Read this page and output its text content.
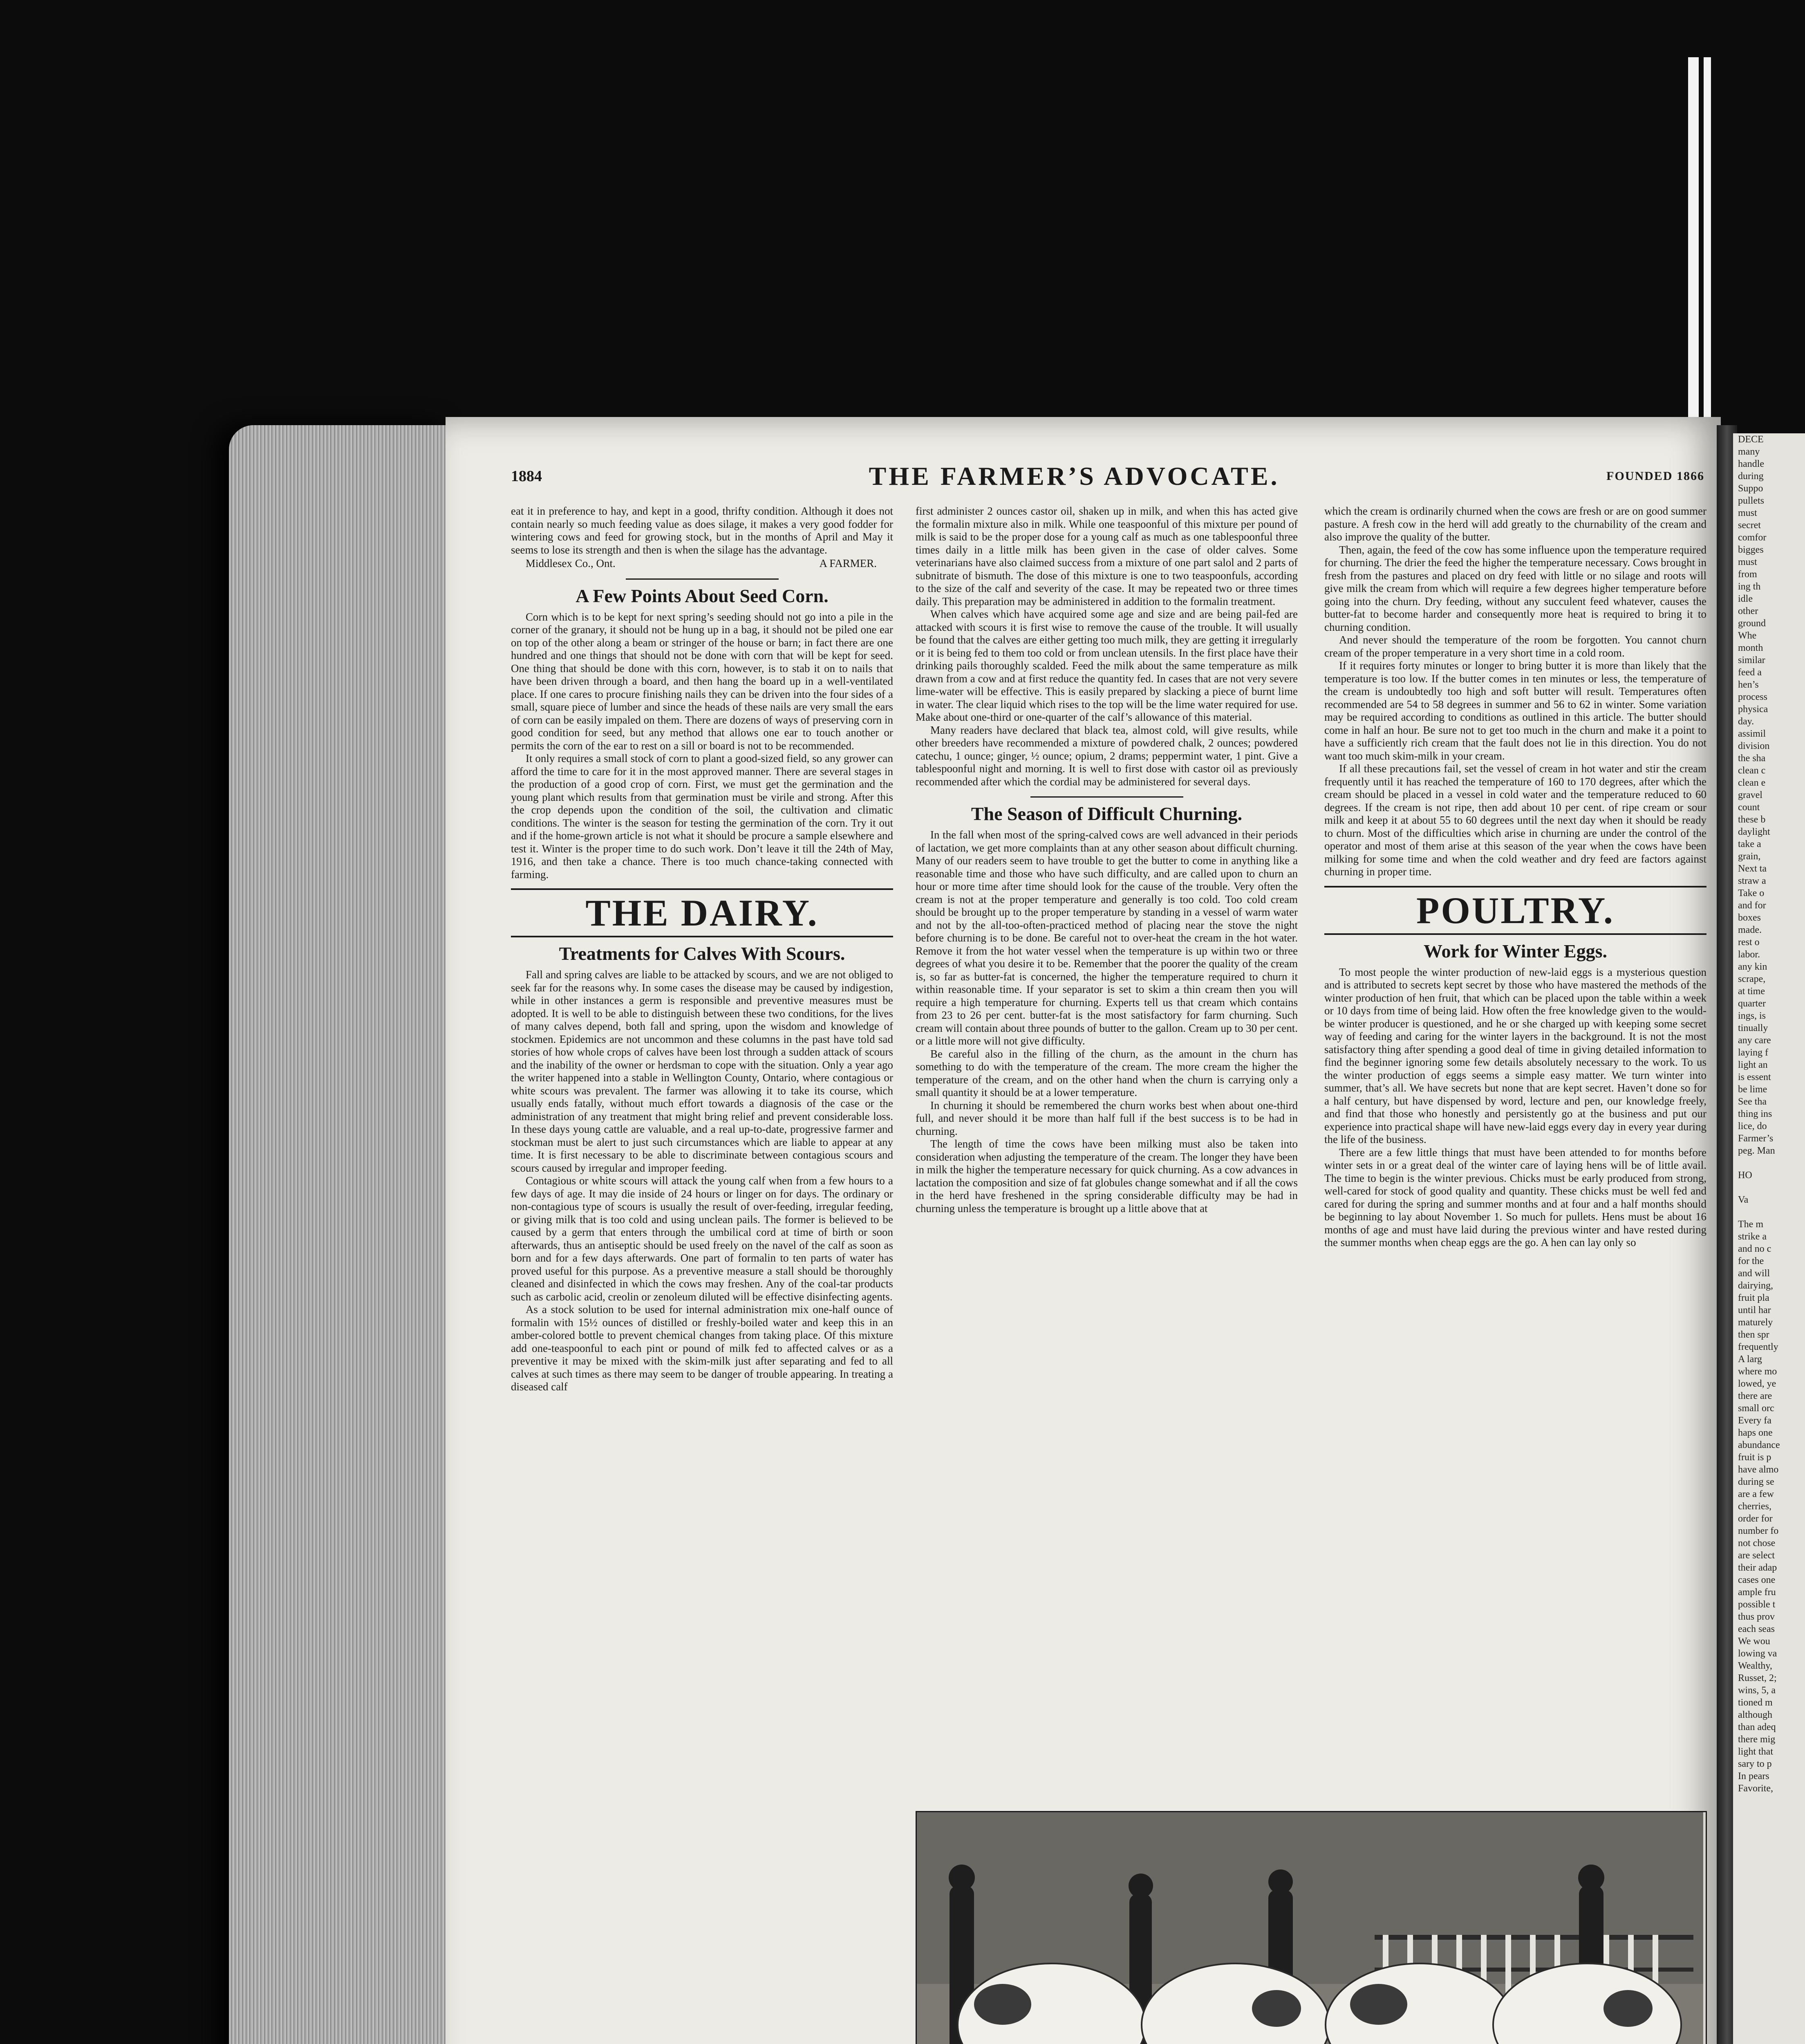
DECE
many
handle
during
Suppo
pullets
must
secret
comfor
bigges
must
from
ing th
idle
other
ground
Whe
month
similar
feed a
hen’s
process
physica
day.
assimil
division
the sha
clean c
clean e
gravel
count
these b
daylight
take a
grain,
Next ta
straw a
Take o
and for
boxes
made.
rest o
labor.
any kin
scrape,
at time
quarter
ings, is
tinually
any care
laying f
light an
is essent
be lime
See tha
thing ins
lice, do
Farmer’s
peg. Man

HO

Va

The m
strike a
and no c
for the
and will
dairying,
fruit pla
until har
maturely
then spr
frequently
A larg
where mo
lowed, ye
there are
small orc
Every fa
haps one
abundance
fruit is p
have almo
during se
are a few
cherries,
order for
number fo
not chose
are select
their adap
cases one
ample fru
possible t
thus prov
each seas
We wou
lowing va
Wealthy,
Russet, 2;
wins, 5, a
tioned m
although
than adeq
there mig
light that
sary to p
In pears
Favorite,
1884	THE FARMER’S ADVOCATE.	FOUNDED 1866

eat it in preference to hay, and kept in a good, thrifty condition. Although it does not contain nearly so much feeding value as does silage, it makes a very good fodder for wintering cows and feed for growing stock, but in the months of April and May it seems to lose its strength and then is when the silage has the advantage.

Middlesex Co., Ont.	A FARMER.
A Few Points About Seed Corn.

Corn which is to be kept for next spring’s seeding should not go into a pile in the corner of the granary, it should not be hung up in a bag, it should not be piled one ear on top of the other along a beam or stringer of the house or barn; in fact there are one hundred and one things that should not be done with corn that will be kept for seed. One thing that should be done with this corn, however, is to stab it on to nails that have been driven through a board, and then hang the board up in a well-ventilated place. If one cares to procure finishing nails they can be driven into the four sides of a small, square piece of lumber and since the heads of these nails are very small the ears of corn can be easily impaled on them. There are dozens of ways of preserving corn in good condition for seed, but any method that allows one ear to touch another or permits the corn of the ear to rest on a sill or board is not to be recommended.

It only requires a small stock of corn to plant a good-sized field, so any grower can afford the time to care for it in the most approved manner. There are several stages in the production of a good crop of corn. First, we must get the germination and the young plant which results from that germination must be virile and strong. After this the crop depends upon the condition of the soil, the cultivation and climatic conditions. The winter is the season for testing the germination of the corn. Try it out and if the home-grown article is not what it should be procure a sample elsewhere and test it. Winter is the proper time to do such work. Don’t leave it till the 24th of May, 1916, and then take a chance. There is too much chance-taking connected with farming.

THE DAIRY.
Treatments for Calves With Scours.

Fall and spring calves are liable to be attacked by scours, and we are not obliged to seek far for the reasons why. In some cases the disease may be caused by indigestion, while in other instances a germ is responsible and preventive measures must be adopted. It is well to be able to distinguish between these two conditions, for the lives of many calves depend, both fall and spring, upon the wisdom and knowledge of stockmen. Epidemics are not uncommon and these columns in the past have told sad stories of how whole crops of calves have been lost through a sudden attack of scours and the inability of the owner or herdsman to cope with the situation. Only a year ago the writer happened into a stable in Wellington County, Ontario, where contagious or white scours was prevalent. The farmer was allowing it to take its course, which usually ends fatally, without much effort towards a diagnosis of the case or the administration of any treatment that might bring relief and prevent considerable loss. In these days young cattle are valuable, and a real up-to-date, progressive farmer and stockman must be alert to just such circumstances which are liable to appear at any time. It is first necessary to be able to discriminate between contagious scours and scours caused by irregular and improper feeding.

Contagious or white scours will attack the young calf when from a few hours to a few days of age. It may die inside of 24 hours or linger on for days. The ordinary or non-contagious type of scours is usually the result of over-feeding, irregular feeding, or giving milk that is too cold and using unclean pails. The former is believed to be caused by a germ that enters through the umbilical cord at time of birth or soon afterwards, thus an antiseptic should be used freely on the navel of the calf as soon as born and for a few days afterwards. One part of formalin to ten parts of water has proved useful for this purpose. As a preventive measure a stall should be thoroughly cleaned and disinfected in which the cows may freshen. Any of the coal-tar products such as carbolic acid, creolin or zenoleum diluted will be effective disinfecting agents.

As a stock solution to be used for internal administration mix one-half ounce of formalin with 15½ ounces of distilled or freshly-boiled water and keep this in an amber-colored bottle to prevent chemical changes from taking place. Of this mixture add one-teaspoonful to each pint or pound of milk fed to affected calves or as a preventive it may be mixed with the skim-milk just after separating and fed to all calves at such times as there may seem to be danger of trouble appearing. In treating a diseased calf

first administer 2 ounces castor oil, shaken up in milk, and when this has acted give the formalin mixture also in milk. While one teaspoonful of this mixture per pound of milk is said to be the proper dose for a young calf as much as one tablespoonful three times daily in a little milk has been given in the case of older calves. Some veterinarians have also claimed success from a mixture of one part salol and 2 parts of subnitrate of bismuth. The dose of this mixture is one to two teaspoonfuls, according to the size of the calf and severity of the case. It may be repeated two or three times daily. This preparation may be administered in addition to the formalin treatment.

When calves which have acquired some age and size and are being pail-fed are attacked with scours it is first wise to remove the cause of the trouble. It will usually be found that the calves are either getting too much milk, they are getting it irregularly or it is being fed to them too cold or from unclean utensils. In the first place have their drinking pails thoroughly scalded. Feed the milk about the same temperature as milk drawn from a cow and at first reduce the quantity fed. In cases that are not very severe lime-water will be effective. This is easily prepared by slacking a piece of burnt lime in water. The clear liquid which rises to the top will be the lime water required for use. Make about one-third or one-quarter of the calf’s allowance of this material.

Many readers have declared that black tea, almost cold, will give results, while other breeders have recommended a mixture of powdered chalk, 2 ounces; powdered catechu, 1 ounce; ginger, ½ ounce; opium, 2 drams; peppermint water, 1 pint. Give a tablespoonful night and morning. It is well to first dose with castor oil as previously recommended after which the cordial may be administered for several days.

The Season of Difficult Churning.

In the fall when most of the spring-calved cows are well advanced in their periods of lactation, we get more complaints than at any other season about difficult churning. Many of our readers seem to have trouble to get the butter to come in anything like a reasonable time and those who have such difficulty, and are called upon to churn an hour or more time after time should look for the cause of the trouble. Very often the cream is not at the proper temperature and generally is too cold. Too cold cream should be brought up to the proper temperature by standing in a vessel of warm water and not by the all-too-often-practiced method of placing near the stove the night before churning is to be done. Be careful not to over-heat the cream in the hot water. Remove it from the hot water vessel when the temperature is up within two or three degrees of what you desire it to be. Remember that the poorer the quality of the cream is, so far as butter-fat is concerned, the higher the temperature required to churn it within reasonable time. If your separator is set to skim a thin cream then you will require a high temperature for churning. Experts tell us that cream which contains from 23 to 26 per cent. butter-fat is the most satisfactory for farm churning. Such cream will contain about three pounds of butter to the gallon. Cream up to 30 per cent. or a little more will not give difficulty.

Be careful also in the filling of the churn, as the amount in the churn has something to do with the temperature of the cream. The more cream the higher the temperature of the cream, and on the other hand when the churn is carrying only a small quantity it should be at a lower temperature.

In churning it should be remembered the churn works best when about one-third full, and never should it be more than half full if the best success is to be had in churning.

The length of time the cows have been milking must also be taken into consideration when adjusting the temperature of the cream. The longer they have been in milk the higher the temperature necessary for quick churning. As a cow advances in lactation the composition and size of fat globules change somewhat and if all the cows in the herd have freshened in the spring considerable difficulty may be had in churning unless the temperature is brought up a little above that at

which the cream is ordinarily churned when the cows are fresh or are on good summer pasture. A fresh cow in the herd will add greatly to the churnability of the cream and also improve the quality of the butter.

Then, again, the feed of the cow has some influence upon the temperature required for churning. The drier the feed the higher the temperature necessary. Cows brought in fresh from the pastures and placed on dry feed with little or no silage and roots will give milk the cream from which will require a few degrees higher temperature before going into the churn. Dry feeding, without any succulent feed whatever, causes the butter-fat to become harder and consequently more heat is required to bring it to churning condition.

And never should the temperature of the room be forgotten. You cannot churn cream of the proper temperature in a very short time in a cold room.

If it requires forty minutes or longer to bring butter it is more than likely that the temperature is too low. If the butter comes in ten minutes or less, the temperature of the cream is undoubtedly too high and soft butter will result. Temperatures often recommended are 54 to 58 degrees in summer and 56 to 62 in winter. Some variation may be required according to conditions as outlined in this article. The butter should come in half an hour. Be sure not to get too much in the churn and make it a point to have a sufficiently rich cream that the fault does not lie in this direction. You do not want too much skim-milk in your cream.

If all these precautions fail, set the vessel of cream in hot water and stir the cream frequently until it has reached the temperature of 160 to 170 degrees, after which the cream should be placed in a vessel in cold water and the temperature reduced to 60 degrees. If the cream is not ripe, then add about 10 per cent. of ripe cream or sour milk and keep it at about 55 to 60 degrees until the next day when it should be ready to churn. Most of the difficulties which arise in churning are under the control of the operator and most of them arise at this season of the year when the cows have been milking for some time and when the cold weather and dry feed are factors against churning in proper time.

POULTRY.
Work for Winter Eggs.

To most people the winter production of new-laid eggs is a mysterious question and is attributed to secrets kept secret by those who have mastered the methods of the winter production of hen fruit, that which can be placed upon the table within a week or 10 days from time of being laid. How often the free knowledge given to the would-be winter producer is questioned, and he or she charged up with keeping some secret way of feeding and caring for the winter layers in the background. It is not the most satisfactory thing after spending a good deal of time in giving detailed information to find the beginner ignoring some few details absolutely necessary to the work. To us the winter production of eggs seems a simple easy matter. We turn winter into summer, that’s all. We have secrets but none that are kept secret. Haven’t done so for a half century, but have dispensed by word, lecture and pen, our knowledge freely, and find that those who honestly and persistently go at the business and put our experience into practical shape will have new-laid eggs every day in every year during the life of the business.

There are a few little things that must have been attended to for months before winter sets in or a great deal of the winter care of laying hens will be of little avail. The time to begin is the winter previous. Chicks must be early produced from strong, well-cared for stock of good quality and quantity. These chicks must be well fed and cared for during the spring and summer months and at four and a half months should be beginning to lay about November 1. So much for pullets. Hens must be about 16 months of age and must have laid during the previous winter and have rested during the summer months when cheap eggs are the go. A hen can lay only so
